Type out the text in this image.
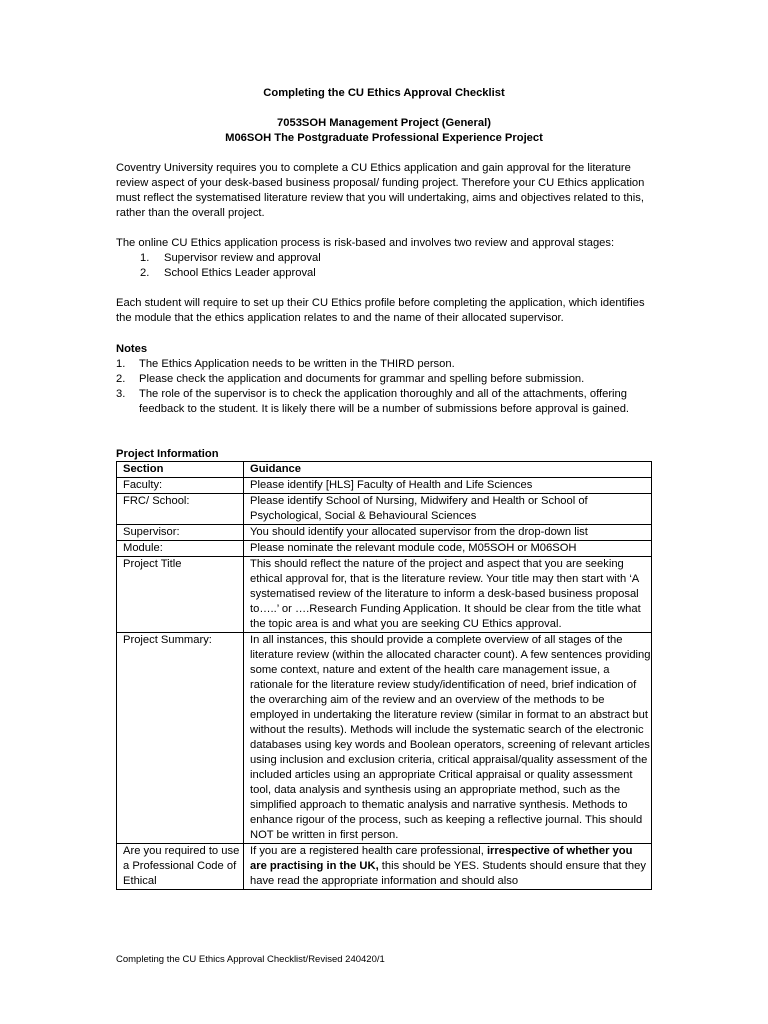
Completing the CU Ethics Approval Checklist
7053SOH Management Project (General)
M06SOH The Postgraduate Professional Experience Project

Coventry University requires you to complete a CU Ethics application and gain approval for the literature review aspect of your desk-based business proposal/ funding project. Therefore your CU Ethics application must reflect the systematised literature review that you will undertaking, aims and objectives related to this, rather than the overall project.

The online CU Ethics application process is risk-based and involves two review and approval stages:

1.	Supervisor review and approval
2.	School Ethics Leader approval

Each student will require to set up their CU Ethics profile before completing the application, which identifies the module that the ethics application relates to and the name of their allocated supervisor.

Notes
1.	The Ethics Application needs to be written in the THIRD person.
2.	Please check the application and documents for grammar and spelling before submission.
3.	The role of the supervisor is to check the application thoroughly and all of the attachments, offering feedback to the student. It is likely there will be a number of submissions before approval is gained.
Project Information
Section	Guidance
Faculty:	Please identify [HLS] Faculty of Health and Life Sciences
FRC/ School:	Please identify School of Nursing, Midwifery and Health or School of Psychological, Social & Behavioural Sciences
Supervisor:	You should identify your allocated supervisor from the drop-down list
Module:	Please nominate the relevant module code, M05SOH or M06SOH
Project Title	This should reflect the nature of the project and aspect that you are seeking ethical approval for, that is the literature review. Your title may then start with ‘A systematised review of the literature to inform a desk-based business proposal to…..’ or ….Research Funding Application. It should be clear from the title what the topic area is and what you are seeking CU Ethics approval.
Project Summary:	In all instances, this should provide a complete overview of all stages of the literature review (within the allocated character count). A few sentences providing some context, nature and extent of the health care management issue, a rationale for the literature review study/identification of need, brief indication of the overarching aim of the review and an overview of the methods to be employed in undertaking the literature review (similar in format to an abstract but without the results). Methods will include the systematic search of the electronic databases using key words and Boolean operators, screening of relevant articles using inclusion and exclusion criteria, critical appraisal/quality assessment of the included articles using an appropriate Critical appraisal or quality assessment tool, data analysis and synthesis using an appropriate method, such as the simplified approach to thematic analysis and narrative synthesis. Methods to enhance rigour of the process, such as keeping a reflective journal. This should NOT be written in first person.
Are you required to use a Professional Code of Ethical	If you are a registered health care professional, irrespective of whether you are practising in the UK, this should be YES. Students should ensure that they have read the appropriate information and should also
Completing the CU Ethics Approval Checklist/Revised 240420/1
